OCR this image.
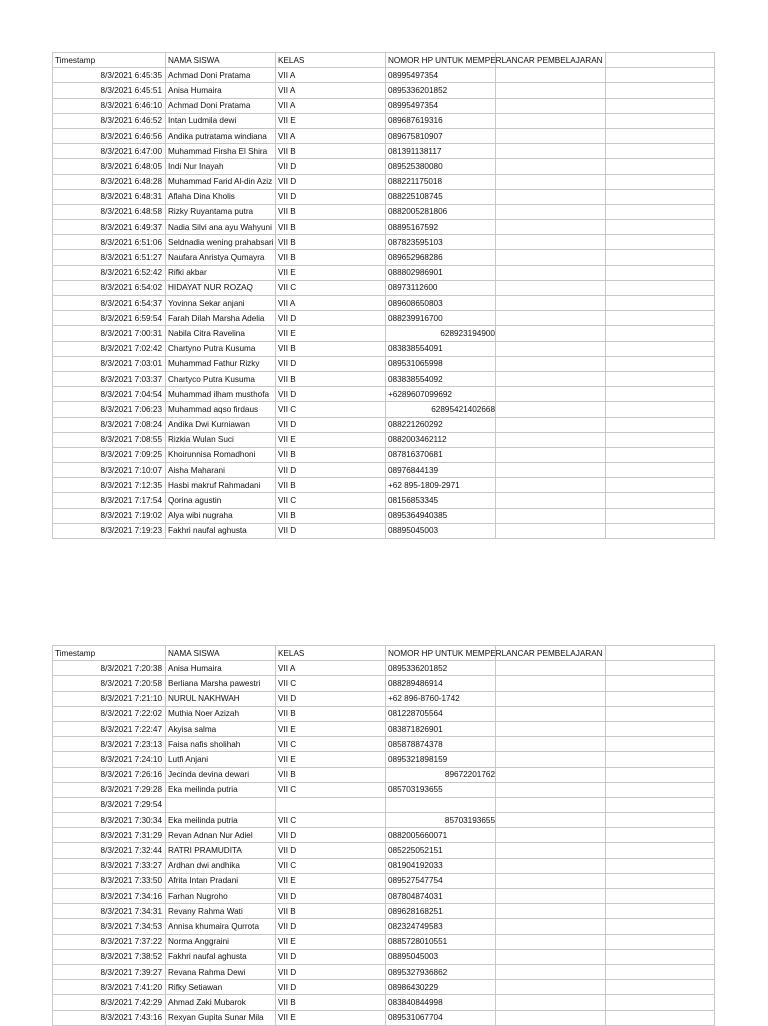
Timestamp	NAMA SISWA	KELAS	NOMOR HP UNTUK MEMPERLANCAR PEMBELAJARAN		
8/3/2021 6:45:35	Achmad Doni Pratama	VII A	08995497354		
8/3/2021 6:45:51	Anisa Humaira	VII A	0895336201852		
8/3/2021 6:46:10	Achmad Doni Pratama	VII A	08995497354		
8/3/2021 6:46:52	Intan Ludmila dewi	VII E	089687619316		
8/3/2021 6:46:56	Andika putratama windiana	VII A	089675810907		
8/3/2021 6:47:00	Muhammad Firsha El Shira	VII B	081391138117		
8/3/2021 6:48:05	Indi Nur Inayah	VII D	089525380080		
8/3/2021 6:48:28	Muhammad Farid Al-din Aziz	VII D	088221175018		
8/3/2021 6:48:31	Aflaha Dina Kholis	VII D	088225108745		
8/3/2021 6:48:58	Rizky Ruyantama putra	VII B	0882005281806		
8/3/2021 6:49:37	Nadia Silvi ana ayu Wahyuni	VII B	08895167592		
8/3/2021 6:51:06	Seldnadia wening prahabsari	VII B	087823595103		
8/3/2021 6:51:27	Naufara Anristya Qumayra	VII B	089652968286		
8/3/2021 6:52:42	Rifki akbar	VII E	088802986901		
8/3/2021 6:54:02	HIDAYAT NUR ROZAQ	VII C	08973112600		
8/3/2021 6:54:37	Yovinna Sekar anjani	VII A	089608650803		
8/3/2021 6:59:54	Farah Dilah Marsha Adelia	VII D	088239916700		
8/3/2021 7:00:31	Nabila Citra Ravelina	VII E	628923194900		
8/3/2021 7:02:42	Chartyno Putra Kusuma	VII B	083838554091		
8/3/2021 7:03:01	Muhammad Fathur Rizky	VII D	089531065998		
8/3/2021 7:03:37	Chartyco Putra Kusuma	VII B	083838554092		
8/3/2021 7:04:54	Muhammad ilham musthofa	VII D	+6289607099692		
8/3/2021 7:06:23	Muhammad aqso firdaus	VII C	62895421402668		
8/3/2021 7:08:24	Andika Dwi Kurniawan	VII D	088221260292		
8/3/2021 7:08:55	Rizkia Wulan Suci	VII E	0882003462112		
8/3/2021 7:09:25	Khoirunnisa Romadhoni	VII B	087816370681		
8/3/2021 7:10:07	Aisha Maharani	VII D	08976844139		
8/3/2021 7:12:35	Hasbi makruf Rahmadani	VII B	+62 895-1809-2971		
8/3/2021 7:17:54	Qorina agustin	VII C	08156853345		
8/3/2021 7:19:02	Alya wibi nugraha	VII B	0895364940385		
8/3/2021 7:19:23	Fakhri naufal aghusta	VII D	08895045003		
Timestamp	NAMA SISWA	KELAS	NOMOR HP UNTUK MEMPERLANCAR PEMBELAJARAN		
8/3/2021 7:20:38	Anisa Humaira	VII A	0895336201852		
8/3/2021 7:20:58	Berliana Marsha pawestri	VII C	088289486914		
8/3/2021 7:21:10	NURUL NAKHWAH	VII D	+62 896-8760-1742		
8/3/2021 7:22:02	Muthia Noer Azizah	VII B	081228705564		
8/3/2021 7:22:47	Akyisa salma	VII E	083871826901		
8/3/2021 7:23:13	Faisa nafis sholihah	VII C	085878874378		
8/3/2021 7:24:10	Lutfi Anjani	VII E	0895321898159		
8/3/2021 7:26:16	Jecinda devina dewari	VII B	89672201762		
8/3/2021 7:29:28	Eka meilinda putria	VII C	085703193655		
8/3/2021 7:29:54					
8/3/2021 7:30:34	Eka meilinda putria	VII C	85703193655		
8/3/2021 7:31:29	Revan Adnan Nur Adiel	VII D	0882005660071		
8/3/2021 7:32:44	RATRI PRAMUDITA	VII D	085225052151		
8/3/2021 7:33:27	Ardhan dwi andhika	VII C	081904192033		
8/3/2021 7:33:50	Afrita Intan Pradani	VII E	089527547754		
8/3/2021 7:34:16	Farhan Nugroho	VII D	087804874031		
8/3/2021 7:34:31	Revany Rahma Wati	VII B	089628168251		
8/3/2021 7:34:53	Annisa khumaira Qurrota	VII D	082324749583		
8/3/2021 7:37:22	Norma Anggraini	VII E	0885728010551		
8/3/2021 7:38:52	Fakhri naufal aghusta	VII D	08895045003		
8/3/2021 7:39:27	Revana Rahma Dewi	VII D	0895327936862		
8/3/2021 7:41:20	Rifky Setiawan	VII D	08986430229		
8/3/2021 7:42:29	Ahmad Zaki Mubarok	VII B	083840844998		
8/3/2021 7:43:16	Rexyan Gupita Sunar Mila	VII E	089531067704		
